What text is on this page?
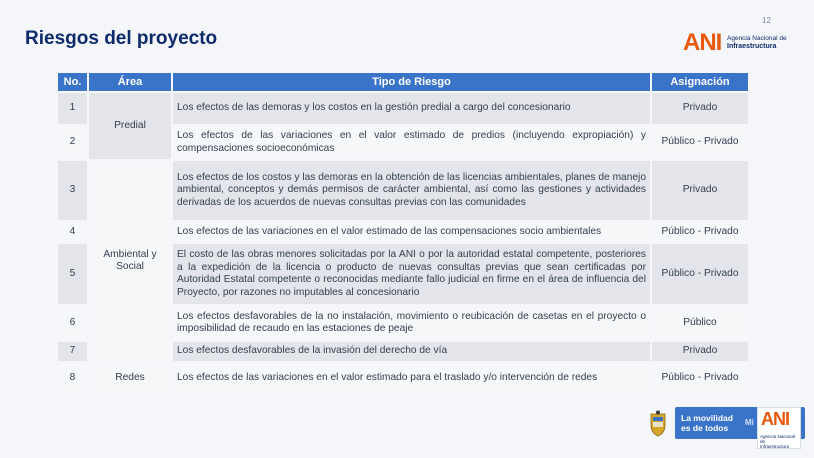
Riesgos del proyecto
12
ANI Agencia Nacional de
Infraestructura
No.	Área	Tipo de Riesgo	Asignación
1	Predial	Los efectos de las demoras y los costos en la gestión predial a cargo del concesionario	Privado
2		Los efectos de las variaciones en el valor estimado de predios (incluyendo expropiación) y compensaciones socioeconómicas	Público - Privado
3	Ambiental y Social	Los efectos de los costos y las demoras en la obtención de las licencias ambientales, planes de manejo ambiental, conceptos y demás permisos de carácter ambiental, así como las gestiones y actividades derivadas de los acuerdos de nuevas consultas previas con las comunidades	Privado
4		Los efectos de las variaciones en el valor estimado de las compensaciones socio ambientales	Público - Privado
5		El costo de las obras menores solicitadas por la ANI o por la autoridad estatal competente, posteriores a la expedición de la licencia o producto de nuevas consultas previas que sean certificadas por Autoridad Estatal competente o reconocidas mediante fallo judicial en firme en el área de influencia del Proyecto, por razones no imputables al concesionario	Público - Privado
6		Los efectos desfavorables de la no instalación, movimiento o reubicación de casetas en el proyecto o imposibilidad de recaudo en las estaciones de peaje	Público
7		Los efectos desfavorables de la invasión del derecho de vía	Privado
8	Redes	Los efectos de las variaciones en el valor estimado para el traslado y/o intervención de redes	Público - Privado
La movilidad
es de todos
Mi ANI
Agencia Nacional de
Infraestructura
